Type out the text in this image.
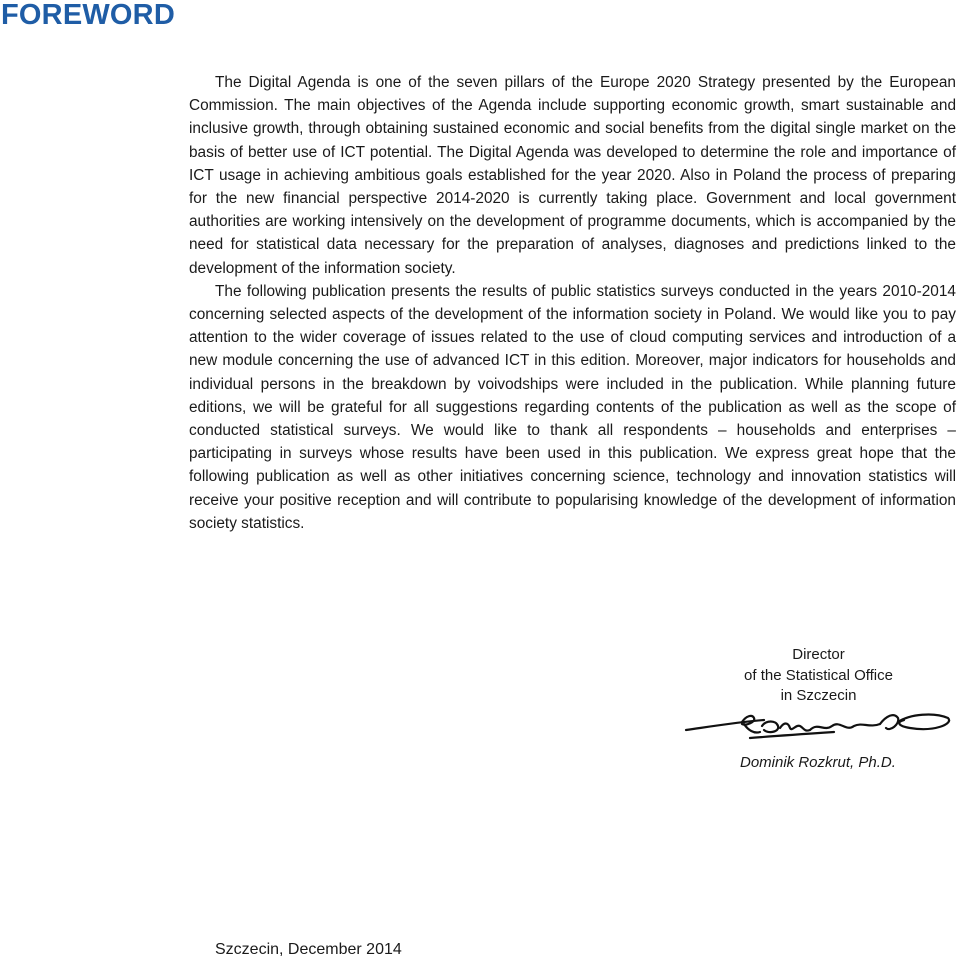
FOREWORD

The Digital Agenda is one of the seven pillars of the Europe 2020 Strategy presented by the European Commission. The main objectives of the Agenda include supporting economic growth, smart sustainable and inclusive growth, through obtaining sustained economic and social benefits from the digital single market on the basis of better use of ICT potential. The Digital Agenda was developed to determine the role and importance of ICT usage in achieving ambitious goals established for the year 2020. Also in Poland the process of preparing for the new financial perspective 2014-2020 is currently taking place. Government and local government authorities are working intensively on the development of programme documents, which is accompanied by the need for statistical data necessary for the preparation of analyses, diagnoses and predictions linked to the development of the information society.

The following publication presents the results of public statistics surveys conducted in the years 2010-2014 concerning selected aspects of the development of the information society in Poland. We would like you to pay attention to the wider coverage of issues related to the use of cloud computing services and introduction of a new module concerning the use of advanced ICT in this edition. Moreover, major indicators for households and individual persons in the breakdown by voivodships were included in the publication. While planning future editions, we will be grateful for all suggestions regarding contents of the publication as well as the scope of conducted statistical surveys. We would like to thank all respondents – households and enterprises – participating in surveys whose results have been used in this publication. We express great hope that the following publication as well as other initiatives concerning science, technology and innovation statistics will receive your positive reception and will contribute to popularising knowledge of the development of information society statistics.

Director
of the Statistical Office
in Szczecin
Dominik Rozkrut, Ph.D.
Szczecin, December 2014
